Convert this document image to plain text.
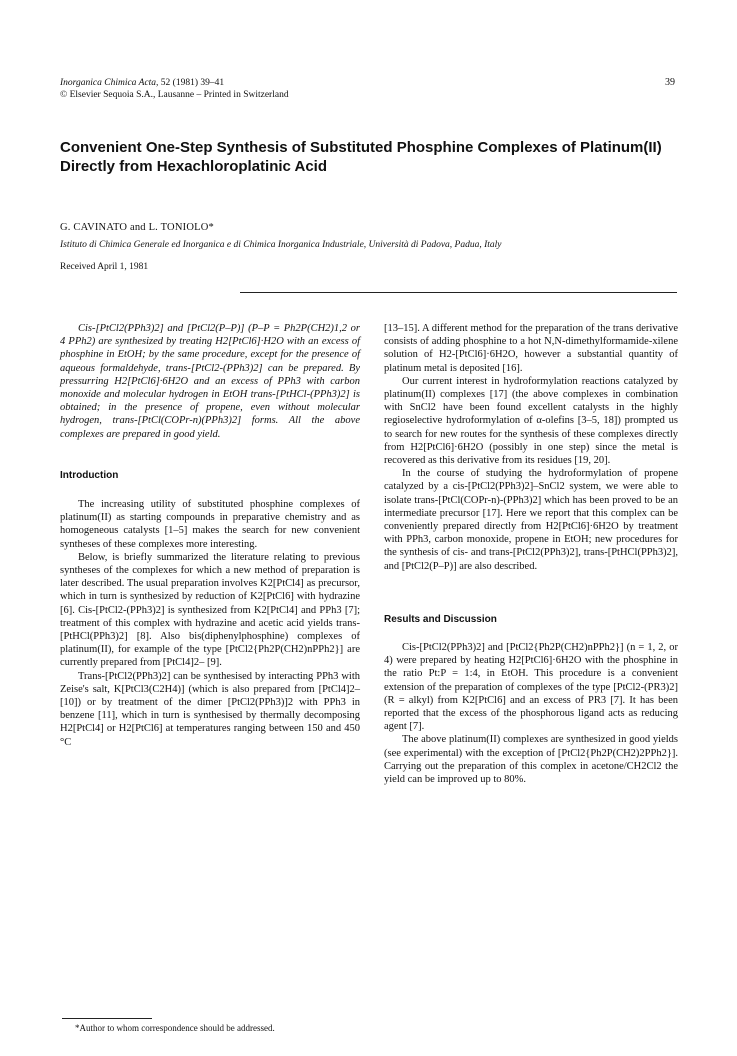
Inorganica Chimica Acta, 52 (1981) 39–41
© Elsevier Sequoia S.A., Lausanne – Printed in Switzerland
39
Convenient One-Step Synthesis of Substituted Phosphine Complexes of Platinum(II) Directly from Hexachloroplatinic Acid
G. CAVINATO and L. TONIOLO*
Istituto di Chimica Generale ed Inorganica e di Chimica Inorganica Industriale, Università di Padova, Padua, Italy
Received April 1, 1981

Cis-[PtCl2(PPh3)2] and [PtCl2(P–P)] (P–P = Ph2P(CH2)1,2 or 4 PPh2) are synthesized by treating H2[PtCl6]·H2O with an excess of phosphine in EtOH; by the same procedure, except for the presence of aqueous formaldehyde, trans-[PtCl2-(PPh3)2] can be prepared. By pressurring H2[PtCl6]·6H2O and an excess of PPh3 with carbon monoxide and molecular hydrogen in EtOH trans-[PtHCl-(PPh3)2] is obtained; in the presence of propene, even without molecular hydrogen, trans-[PtCl(COPr-n)(PPh3)2] forms. All the above complexes are prepared in good yield.

Introduction

The increasing utility of substituted phosphine complexes of platinum(II) as starting compounds in preparative chemistry and as homogeneous catalysts [1–5] makes the search for new convenient syntheses of these complexes more interesting.

Below, is briefly summarized the literature relating to previous syntheses of the complexes for which a new method of preparation is later described. The usual preparation involves K2[PtCl4] as precursor, which in turn is synthesized by reduction of K2[PtCl6] with hydrazine [6]. Cis-[PtCl2-(PPh3)2] is synthesized from K2[PtCl4] and PPh3 [7]; treatment of this complex with hydrazine and acetic acid yields trans-[PtHCl(PPh3)2] [8]. Also bis(diphenylphosphine) complexes of platinum(II), for example of the type [PtCl2{Ph2P(CH2)nPPh2}] are currently prepared from [PtCl4]2– [9].

Trans-[PtCl2(PPh3)2] can be synthesised by interacting PPh3 with Zeise's salt, K[PtCl3(C2H4)] (which is also prepared from [PtCl4]2– [10]) or by treatment of the dimer [PtCl2(PPh3)]2 with PPh3 in benzene [11], which in turn is synthesised by thermally decomposing H2[PtCl4] or H2[PtCl6] at temperatures ranging between 150 and 450 °C

[13–15]. A different method for the preparation of the trans derivative consists of adding phosphine to a hot N,N-dimethylformamide-xilene solution of H2-[PtCl6]·6H2O, however a substantial quantity of platinum metal is deposited [16].

Our current interest in hydroformylation reactions catalyzed by platinum(II) complexes [17] (the above complexes in combination with SnCl2 have been found excellent catalysts in the highly regioselective hydroformylation of α-olefins [3–5, 18]) prompted us to search for new routes for the synthesis of these complexes directly from H2[PtCl6]·6H2O (possibly in one step) since the metal is recovered as this derivative from its residues [19, 20].

In the course of studying the hydroformylation of propene catalyzed by a cis-[PtCl2(PPh3)2]–SnCl2 system, we were able to isolate trans-[PtCl(COPr-n)-(PPh3)2] which has been proved to be an intermediate precursor [17]. Here we report that this complex can be conveniently prepared directly from H2[PtCl6]·6H2O by treatment with PPh3, carbon monoxide, propene in EtOH; new procedures for the synthesis of cis- and trans-[PtCl2(PPh3)2], trans-[PtHCl(PPh3)2], and [PtCl2(P–P)] are also described.

Results and Discussion

Cis-[PtCl2(PPh3)2] and [PtCl2{Ph2P(CH2)nPPh2}] (n = 1, 2, or 4) were prepared by heating H2[PtCl6]·6H2O with the phosphine in the ratio Pt:P = 1:4, in EtOH. This procedure is a convenient extension of the preparation of complexes of the type [PtCl2-(PR3)2] (R = alkyl) from K2[PtCl6] and an excess of PR3 [7]. It has been reported that the excess of the phosphorous ligand acts as reducing agent [7].

The above platinum(II) complexes are synthesized in good yields (see experimental) with the exception of [PtCl2{Ph2P(CH2)2PPh2}]. Carrying out the preparation of this complex in acetone/CH2Cl2 the yield can be improved up to 80%.

*Author to whom correspondence should be addressed.
